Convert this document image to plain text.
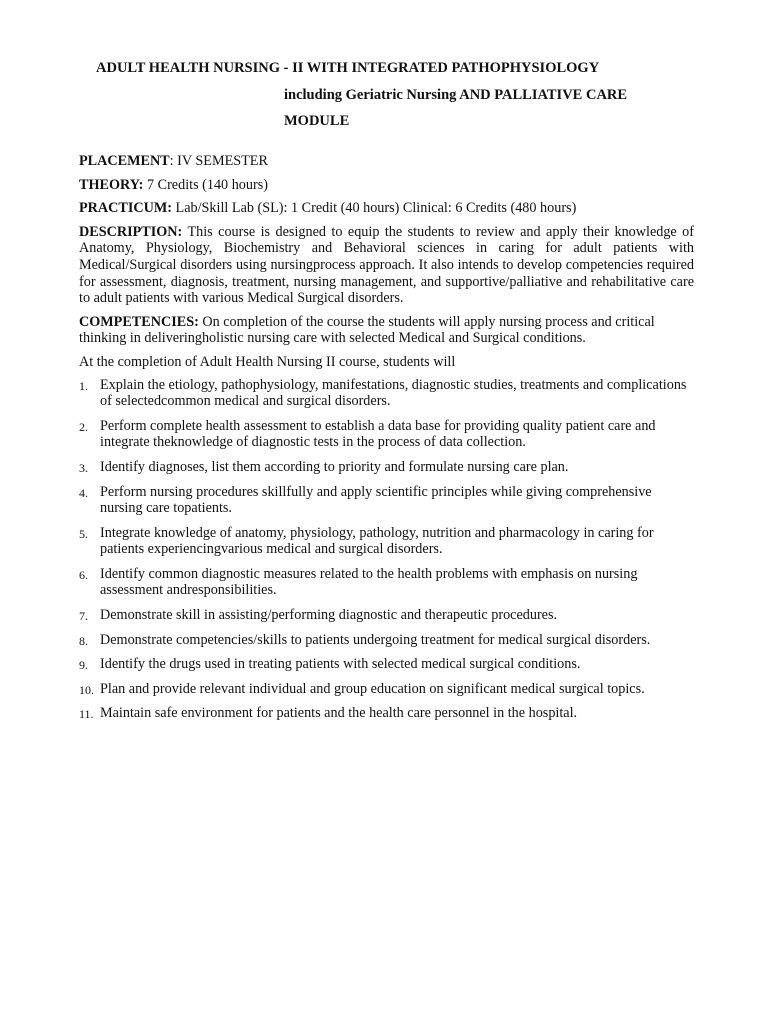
ADULT HEALTH NURSING - II WITH INTEGRATED PATHOPHYSIOLOGY
including Geriatric Nursing AND PALLIATIVE CARE
MODULE

PLACEMENT: IV SEMESTER

THEORY: 7 Credits (140 hours)

PRACTICUM: Lab/Skill Lab (SL): 1 Credit (40 hours) Clinical: 6 Credits (480 hours)

DESCRIPTION: This course is designed to equip the students to review and apply their knowledge of Anatomy, Physiology, Biochemistry and Behavioral sciences in caring for adult patients with Medical/Surgical disorders using nursingprocess approach. It also intends to develop competencies required for assessment, diagnosis, treatment, nursing management, and supportive/palliative and rehabilitative care to adult patients with various Medical Surgical disorders.

COMPETENCIES: On completion of the course the students will apply nursing process and critical thinking in deliveringholistic nursing care with selected Medical and Surgical conditions.

At the completion of Adult Health Nursing II course, students will

1. Explain the etiology, pathophysiology, manifestations, diagnostic studies, treatments and complications of selectedcommon medical and surgical disorders.
2. Perform complete health assessment to establish a data base for providing quality patient care and integrate theknowledge of diagnostic tests in the process of data collection.
3. Identify diagnoses, list them according to priority and formulate nursing care plan.
4. Perform nursing procedures skillfully and apply scientific principles while giving comprehensive nursing care topatients.
5. Integrate knowledge of anatomy, physiology, pathology, nutrition and pharmacology in caring for patients experiencingvarious medical and surgical disorders.
6. Identify common diagnostic measures related to the health problems with emphasis on nursing assessment andresponsibilities.
7. Demonstrate skill in assisting/performing diagnostic and therapeutic procedures.
8. Demonstrate competencies/skills to patients undergoing treatment for medical surgical disorders.
9. Identify the drugs used in treating patients with selected medical surgical conditions.
10. Plan and provide relevant individual and group education on significant medical surgical topics.
11. Maintain safe environment for patients and the health care personnel in the hospital.
